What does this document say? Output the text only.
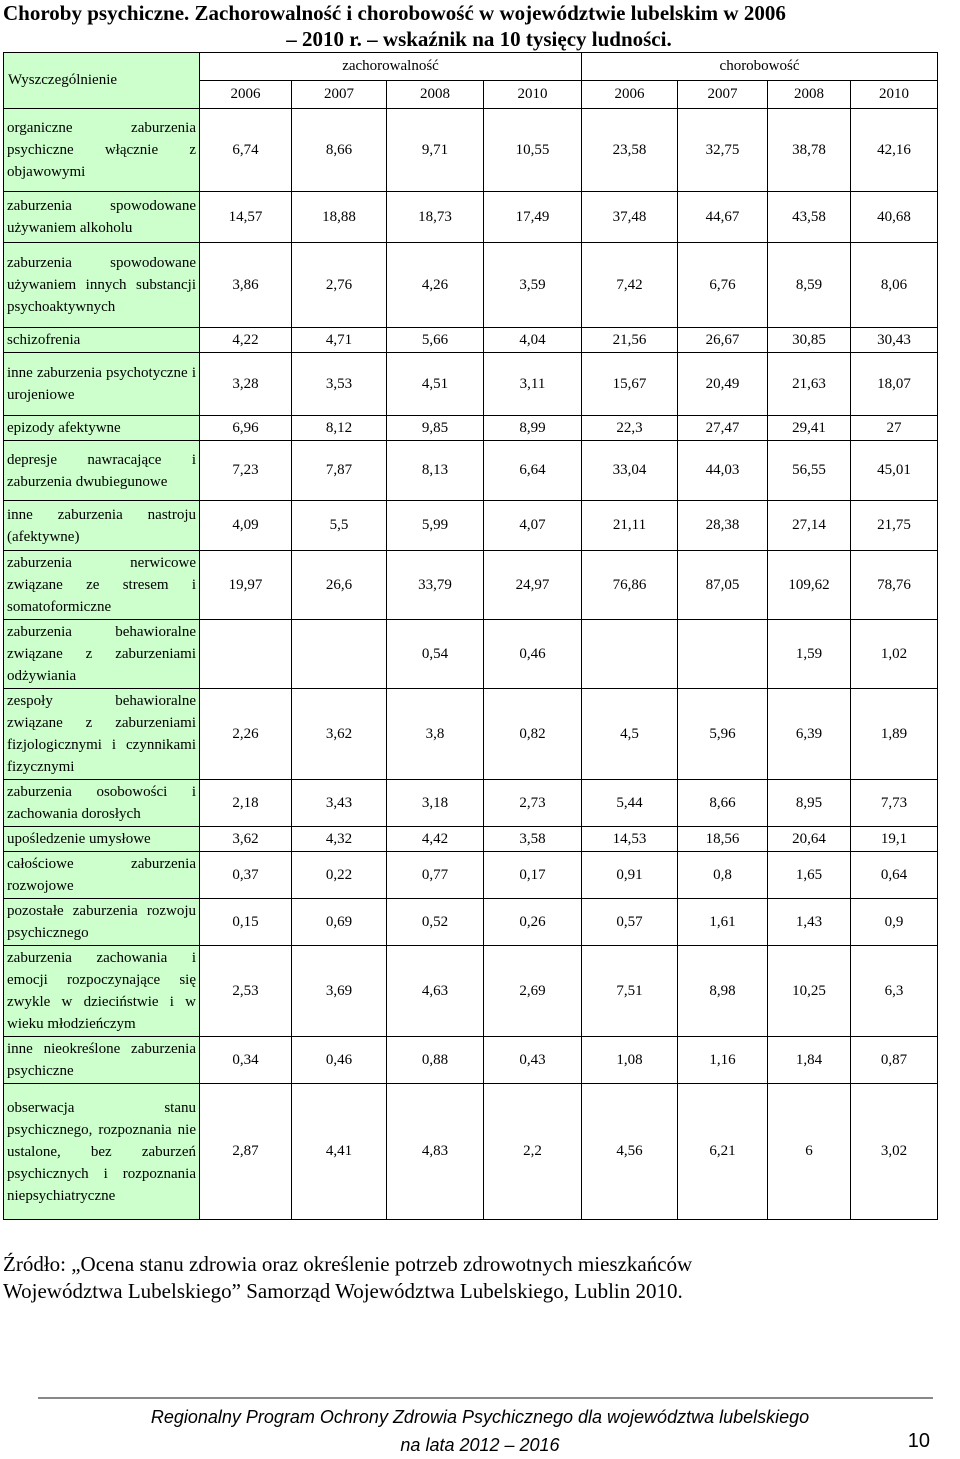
Choroby psychiczne. Zachorowalność i chorobowość w województwie lubelskim w 2006
– 2010 r. – wskaźnik na 10 tysięcy ludności.
Wyszczególnienie	zachorowalność				chorobowość			
	2006	2007	2008	2010	2006	2007	2008	2010
organiczne zaburzenia psychiczne włącznie z objawowymi	6,74	8,66	9,71	10,55	23,58	32,75	38,78	42,16
zaburzenia spowodowane używaniem alkoholu	14,57	18,88	18,73	17,49	37,48	44,67	43,58	40,68
zaburzenia spowodowane używaniem innych substancji psychoaktywnych	3,86	2,76	4,26	3,59	7,42	6,76	8,59	8,06
schizofrenia	4,22	4,71	5,66	4,04	21,56	26,67	30,85	30,43
inne zaburzenia psychotyczne i urojeniowe	3,28	3,53	4,51	3,11	15,67	20,49	21,63	18,07
epizody afektywne	6,96	8,12	9,85	8,99	22,3	27,47	29,41	27
depresje nawracające i zaburzenia dwubiegunowe	7,23	7,87	8,13	6,64	33,04	44,03	56,55	45,01
inne zaburzenia nastroju (afektywne)	4,09	5,5	5,99	4,07	21,11	28,38	27,14	21,75
zaburzenia nerwicowe związane ze stresem i somatoformiczne	19,97	26,6	33,79	24,97	76,86	87,05	109,62	78,76
zaburzenia behawioralne związane z zaburzeniami odżywiania			0,54	0,46			1,59	1,02
zespoły behawioralne związane z zaburzeniami fizjologicznymi i czynnikami fizycznymi	2,26	3,62	3,8	0,82	4,5	5,96	6,39	1,89
zaburzenia osobowości i zachowania dorosłych	2,18	3,43	3,18	2,73	5,44	8,66	8,95	7,73
upośledzenie umysłowe	3,62	4,32	4,42	3,58	14,53	18,56	20,64	19,1
całościowe zaburzenia rozwojowe	0,37	0,22	0,77	0,17	0,91	0,8	1,65	0,64
pozostałe zaburzenia rozwoju psychicznego	0,15	0,69	0,52	0,26	0,57	1,61	1,43	0,9
zaburzenia zachowania i emocji rozpoczynające się zwykle w dzieciństwie i w wieku młodzieńczym	2,53	3,69	4,63	2,69	7,51	8,98	10,25	6,3
inne nieokreślone zaburzenia psychiczne	0,34	0,46	0,88	0,43	1,08	1,16	1,84	0,87
obserwacja stanu psychicznego, rozpoznania nie ustalone, bez zaburzeń psychicznych i rozpoznania niepsychiatryczne	2,87	4,41	4,83	2,2	4,56	6,21	6	3,02
Źródło: „Ocena stanu zdrowia oraz określenie potrzeb zdrowotnych mieszkańców
Województwa Lubelskiego” Samorząd Województwa Lubelskiego, Lublin 2010.
Regionalny Program Ochrony Zdrowia Psychicznego dla województwa lubelskiego
na lata 2012 – 2016	10
